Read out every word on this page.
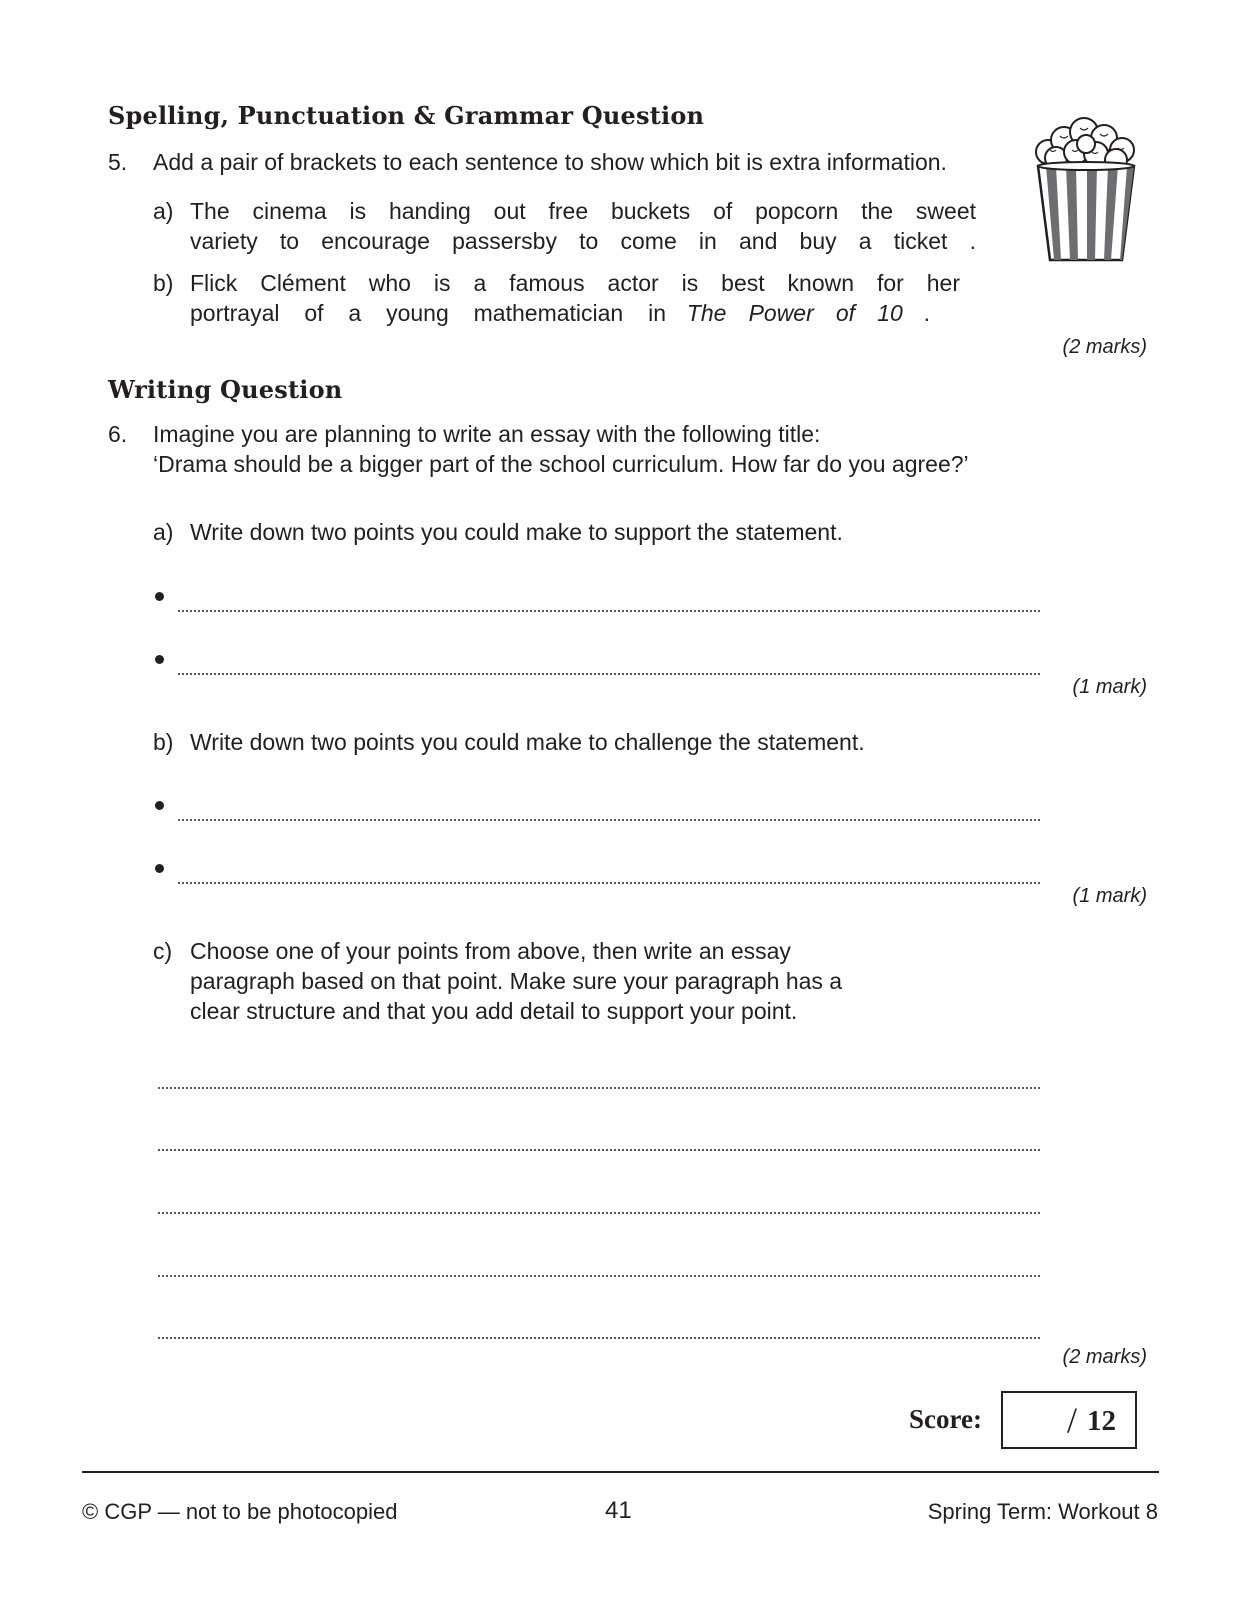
Spelling, Punctuation & Grammar Question
5. Add a pair of brackets to each sentence to show which bit is extra information.
a) The cinema is handing out free buckets of popcorn the sweet
variety to encourage passersby to come in and buy a ticket .
b) Flick Clément who is a famous actor is best known for her
portrayal of a young mathematician in The Power of 10 .
(2 marks)
Writing Question
6. Imagine you are planning to write an essay with the following title:
‘Drama should be a bigger part of the school curriculum. How far do you agree?’
a) Write down two points you could make to support the statement.
(1 mark)
b) Write down two points you could make to challenge the statement.
(1 mark)
c) Choose one of your points from above, then write an essay
paragraph based on that point. Make sure your paragraph has a
clear structure and that you add detail to support your point.
(2 marks)
Score: / 12
© CGP — not to be photocopied	41	Spring Term: Workout 8
